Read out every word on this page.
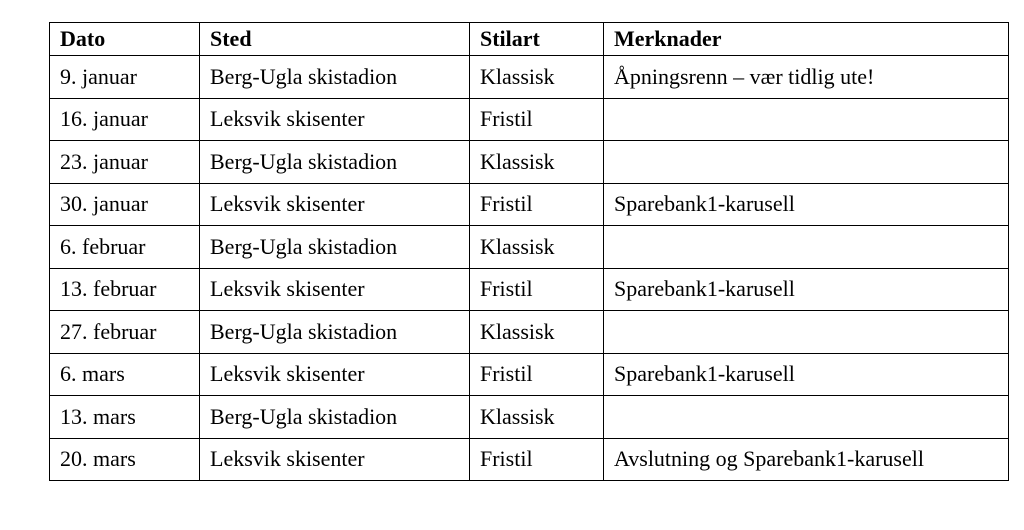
Dato	Sted	Stilart	Merknader
9. januar	Berg-Ugla skistadion	Klassisk	Åpningsrenn – vær tidlig ute!
16. januar	Leksvik skisenter	Fristil	
23. januar	Berg-Ugla skistadion	Klassisk	
30. januar	Leksvik skisenter	Fristil	Sparebank1-karusell
6. februar	Berg-Ugla skistadion	Klassisk	
13. februar	Leksvik skisenter	Fristil	Sparebank1-karusell
27. februar	Berg-Ugla skistadion	Klassisk	
6. mars	Leksvik skisenter	Fristil	Sparebank1-karusell
13. mars	Berg-Ugla skistadion	Klassisk	
20. mars	Leksvik skisenter	Fristil	Avslutning og Sparebank1-karusell
